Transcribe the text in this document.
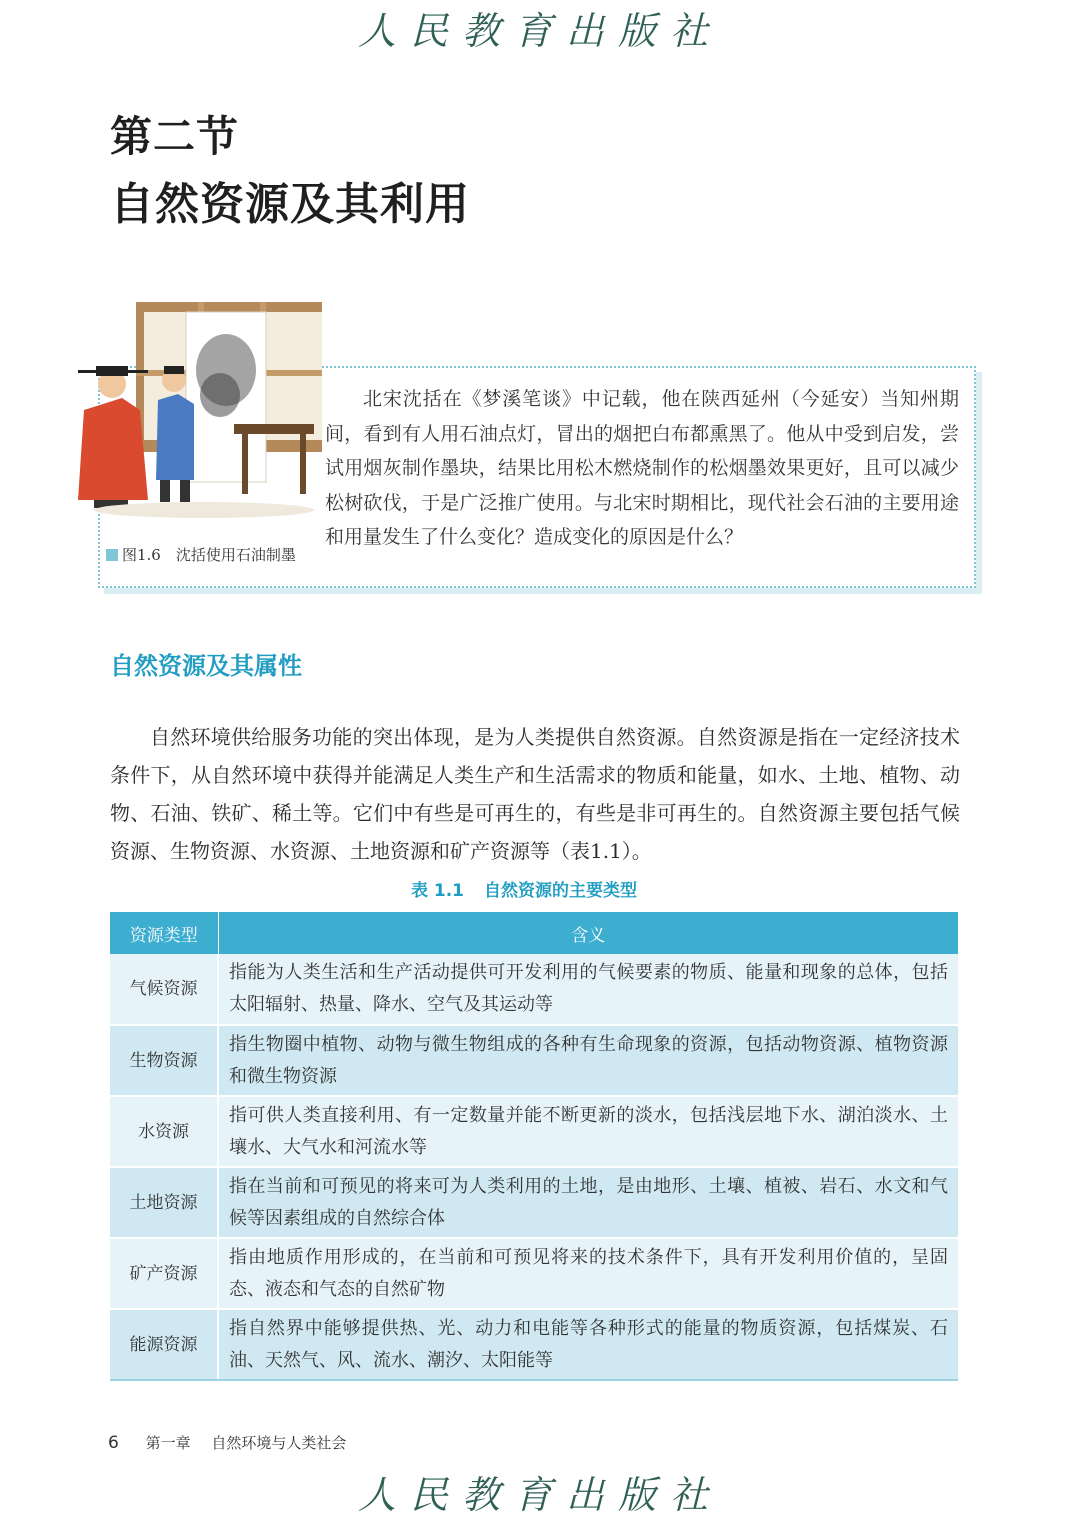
人民教育出版社
第二节
自然资源及其利用
图1.6　沈括使用石油制墨
北宋沈括在《梦溪笔谈》中记载，他在陕西延州（今延安）当知州期间，看到有人用石油点灯，冒出的烟把白布都熏黑了。他从中受到启发，尝试用烟灰制作墨块，结果比用松木燃烧制作的松烟墨效果更好，且可以减少松树砍伐，于是广泛推广使用。与北宋时期相比，现代社会石油的主要用途和用量发生了什么变化？造成变化的原因是什么？
自然资源及其属性
自然环境供给服务功能的突出体现，是为人类提供自然资源。自然资源是指在一定经济技术条件下，从自然环境中获得并能满足人类生产和生活需求的物质和能量，如水、土地、植物、动物、石油、铁矿、稀土等。它们中有些是可再生的，有些是非可再生的。自然资源主要包括气候资源、生物资源、水资源、土地资源和矿产资源等（表1.1）。
表 1.1 自然资源的主要类型
资源类型	含义
气候资源	指能为人类生活和生产活动提供可开发利用的气候要素的物质、能量和现象的总体，包括太阳辐射、热量、降水、空气及其运动等
生物资源	指生物圈中植物、动物与微生物组成的各种有生命现象的资源，包括动物资源、植物资源和微生物资源
水资源	指可供人类直接利用、有一定数量并能不断更新的淡水，包括浅层地下水、湖泊淡水、土壤水、大气水和河流水等
土地资源	指在当前和可预见的将来可为人类利用的土地，是由地形、土壤、植被、岩石、水文和气候等因素组成的自然综合体
矿产资源	指由地质作用形成的，在当前和可预见将来的技术条件下，具有开发利用价值的，呈固态、液态和气态的自然矿物
能源资源	指自然界中能够提供热、光、动力和电能等各种形式的能量的物质资源，包括煤炭、石油、天然气、风、流水、潮汐、太阳能等
6 第一章 自然环境与人类社会
人民教育出版社
